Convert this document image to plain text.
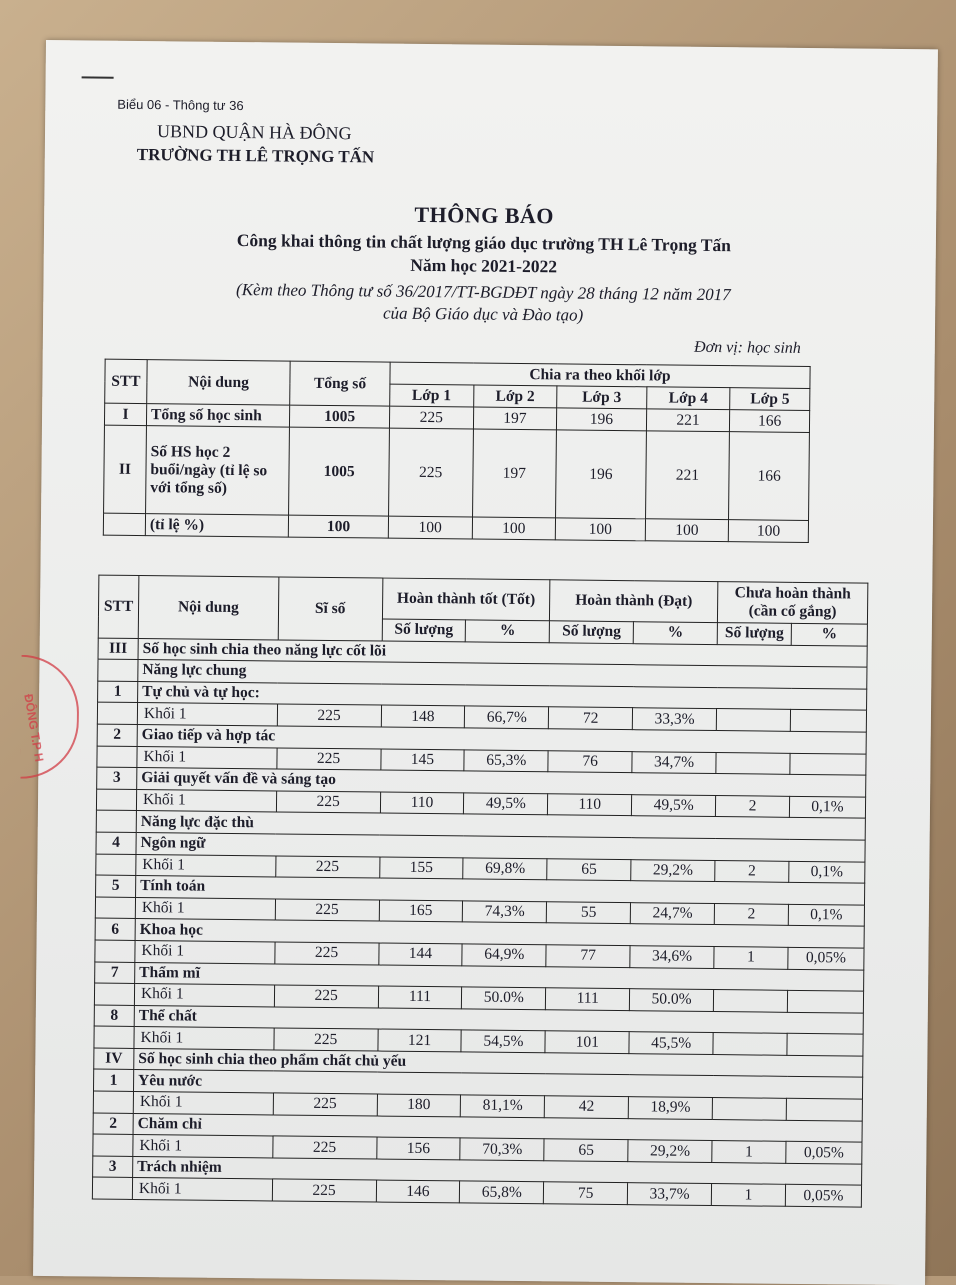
Biểu 06 - Thông tư 36
UBND QUẬN HÀ ĐÔNG
TRƯỜNG TH LÊ TRỌNG TẤN
THÔNG BÁO
Công khai thông tin chất lượng giáo dục trường TH Lê Trọng Tấn
Năm học 2021-2022
(Kèm theo Thông tư số 36/2017/TT-BGDĐT ngày 28 tháng 12 năm 2017
của Bộ Giáo dục và Đào tạo)
Đơn vị: học sinh
STT	Nội dung	Tổng số	Chia ra theo khối lớp				
			Lớp 1	Lớp 2	Lớp 3	Lớp 4	Lớp 5
I	Tổng số học sinh	1005	225	197	196	221	166
II	Số HS học 2 buổi/ngày (tỉ lệ so với tổng số)	1005	225	197	196	221	166
	(tỉ lệ %)	100	100	100	100	100	100
STT	Nội dung	Sĩ số	Hoàn thành tốt (Tốt)		Hoàn thành (Đạt)		Chưa hoàn thành (cần cố gắng)	
			Số lượng	%	Số lượng	%	Số lượng	%
III	Số học sinh chia theo năng lực cốt lõi							
	Năng lực chung							
1	Tự chủ và tự học:							
	Khối 1	225	148	66,7%	72	33,3%		
2	Giao tiếp và hợp tác							
	Khối 1	225	145	65,3%	76	34,7%		
3	Giải quyết vấn đề và sáng tạo							
	Khối 1	225	110	49,5%	110	49,5%	2	0,1%
	Năng lực đặc thù							
4	Ngôn ngữ							
	Khối 1	225	155	69,8%	65	29,2%	2	0,1%
5	Tính toán							
	Khối 1	225	165	74,3%	55	24,7%	2	0,1%
6	Khoa học							
	Khối 1	225	144	64,9%	77	34,6%	1	0,05%
7	Thẩm mĩ							
	Khối 1	225	111	50.0%	111	50.0%		
8	Thể chất							
	Khối 1	225	121	54,5%	101	45,5%		
IV	Số học sinh chia theo phẩm chất chủ yếu							
1	Yêu nước							
	Khối 1	225	180	81,1%	42	18,9%		
2	Chăm chỉ							
	Khối 1	225	156	70,3%	65	29,2%	1	0,05%
3	Trách nhiệm							
	Khối 1	225	146	65,8%	75	33,7%	1	0,05%
ĐÔNG T.P H
